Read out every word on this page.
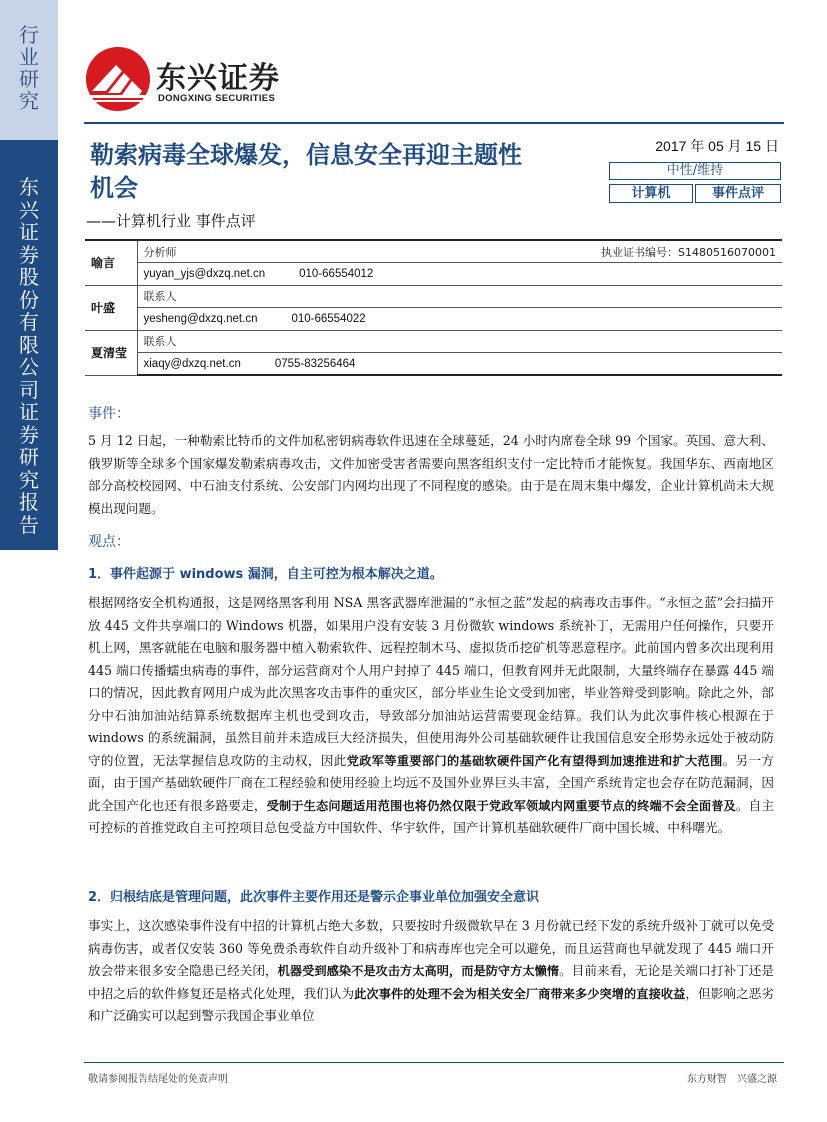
行业研究
东兴证券股份有限公司证券研究报告
东兴证券
DONGXING SECURITIES
勒索病毒全球爆发，信息安全再迎主题性机会
——计算机行业 事件点评
2017 年 05 月 15 日
中性/维持
计算机	事件点评
喻言	分析师 执业证书编号：S1480516070001

	yuyan_yjs@dxzq.net.cn 010-66554012
叶盛	联系人
	yesheng@dxzq.net.cn 010-66554022
夏清莹	联系人
	xiaqy@dxzq.net.cn 0755-83256464
事件：
5 月 12 日起，一种勒索比特币的文件加私密钥病毒软件迅速在全球蔓延，24 小时内席卷全球 99 个国家。英国、意大利、俄罗斯等全球多个国家爆发勒索病毒攻击，文件加密受害者需要向黑客组织支付一定比特币才能恢复。我国华东、西南地区部分高校校园网、中石油支付系统、公安部门内网均出现了不同程度的感染。由于是在周末集中爆发，企业计算机尚未大规模出现问题。
观点：
1．事件起源于 windows 漏洞，自主可控为根本解决之道。
根据网络安全机构通报，这是网络黑客利用 NSA 黑客武器库泄漏的“永恒之蓝”发起的病毒攻击事件。“永恒之蓝”会扫描开放 445 文件共享端口的 Windows 机器，如果用户没有安装 3 月份微软 windows 系统补丁，无需用户任何操作，只要开机上网，黑客就能在电脑和服务器中植入勒索软件、远程控制木马、虚拟货币挖矿机等恶意程序。此前国内曾多次出现利用 445 端口传播蠕虫病毒的事件，部分运营商对个人用户封掉了 445 端口，但教育网并无此限制，大量终端存在暴露 445 端口的情况，因此教育网用户成为此次黑客攻击事件的重灾区，部分毕业生论文受到加密，毕业答辩受到影响。除此之外，部分中石油加油站结算系统数据库主机也受到攻击，导致部分加油站运营需要现金结算。我们认为此次事件核心根源在于 windows 的系统漏洞，虽然目前并未造成巨大经济损失，但使用海外公司基础软硬件让我国信息安全形势永远处于被动防守的位置，无法掌握信息攻防的主动权，因此党政军等重要部门的基础软硬件国产化有望得到加速推进和扩大范围。另一方面，由于国产基础软硬件厂商在工程经验和使用经验上均远不及国外业界巨头丰富，全国产系统肯定也会存在防范漏洞，因此全国产化也还有很多路要走，受制于生态问题适用范围也将仍然仅限于党政军领域内网重要节点的终端不会全面普及。自主可控标的首推党政自主可控项目总包受益方中国软件、华宇软件，国产计算机基础软硬件厂商中国长城、中科曙光。
2．归根结底是管理问题，此次事件主要作用还是警示企事业单位加强安全意识
事实上，这次感染事件没有中招的计算机占绝大多数，只要按时升级微软早在 3 月份就已经下发的系统升级补丁就可以免受病毒伤害，或者仅安装 360 等免费杀毒软件自动升级补丁和病毒库也完全可以避免，而且运营商也早就发现了 445 端口开放会带来很多安全隐患已经关闭，机器受到感染不是攻击方太高明，而是防守方太懒惰。目前来看，无论是关端口打补丁还是中招之后的软件修复还是格式化处理，我们认为此次事件的处理不会为相关安全厂商带来多少突增的直接收益，但影响之恶劣和广泛确实可以起到警示我国企事业单位
敬请参阅报告结尾处的免责声明	东方财智　兴盛之源
